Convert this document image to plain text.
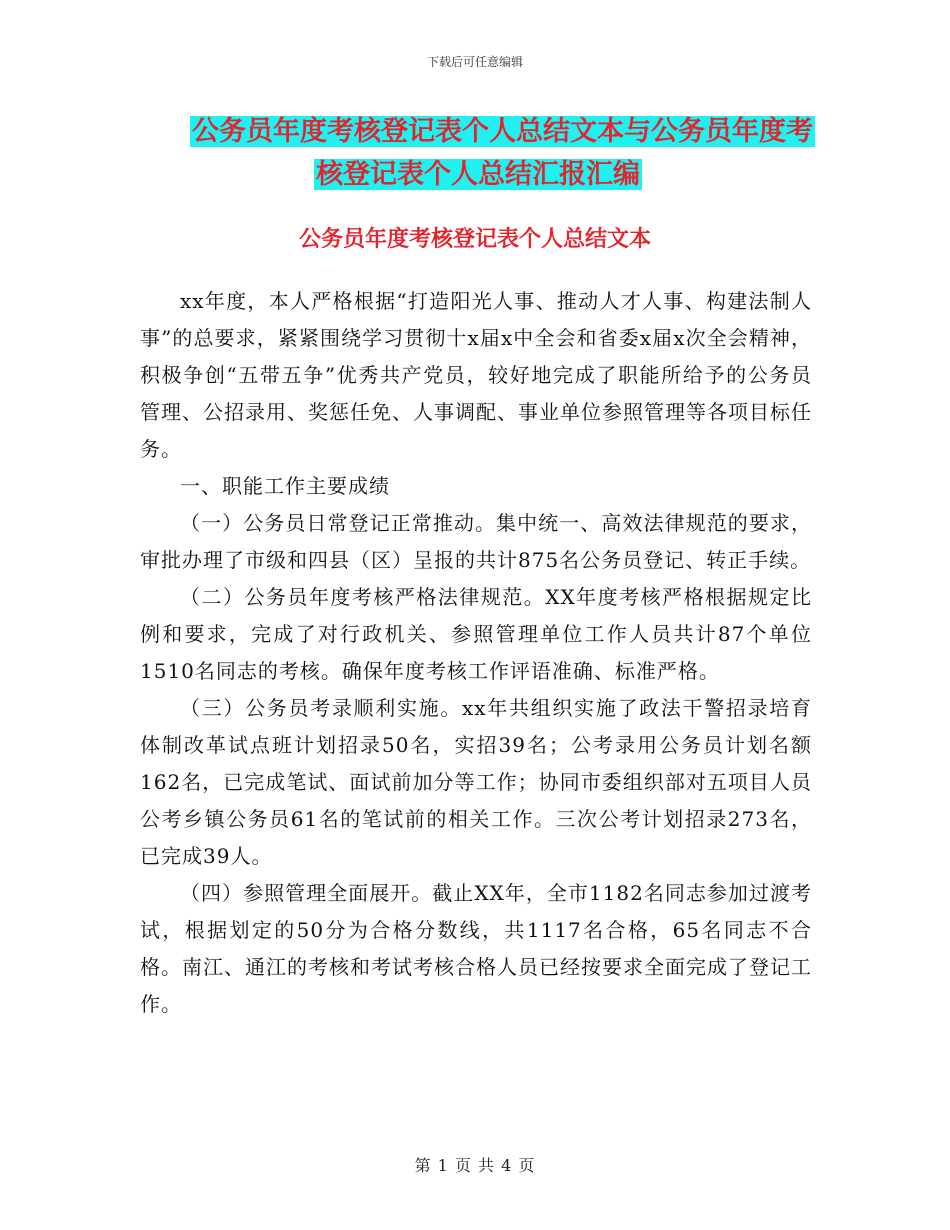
下载后可任意编辑
公务员年度考核登记表个人总结文本与公务员年度考
核登记表个人总结汇报汇编
公务员年度考核登记表个人总结文本

xx年度，本人严格根据“打造阳光人事、推动人才人事、构建法制人事”的总要求，紧紧围绕学习贯彻十x届x中全会和省委x届x次全会精神，积极争创“五带五争”优秀共产党员，较好地完成了职能所给予的公务员管理、公招录用、奖惩任免、人事调配、事业单位参照管理等各项目标任务。

一、职能工作主要成绩

（一）公务员日常登记正常推动。集中统一、高效法律规范的要求，审批办理了市级和四县（区）呈报的共计875名公务员登记、转正手续。

（二）公务员年度考核严格法律规范。XX年度考核严格根据规定比例和要求，完成了对行政机关、参照管理单位工作人员共计87个单位1510名同志的考核。确保年度考核工作评语准确、标准严格。

（三）公务员考录顺利实施。xx年共组织实施了政法干警招录培育体制改革试点班计划招录50名，实招39名；公考录用公务员计划名额162名，已完成笔试、面试前加分等工作；协同市委组织部对五项目人员公考乡镇公务员61名的笔试前的相关工作。三次公考计划招录273名，已完成39人。

（四）参照管理全面展开。截止XX年，全市1182名同志参加过渡考试，根据划定的50分为合格分数线，共1117名合格，65名同志不合格。南江、通江的考核和考试考核合格人员已经按要求全面完成了登记工作。

第 1 页 共 4 页
